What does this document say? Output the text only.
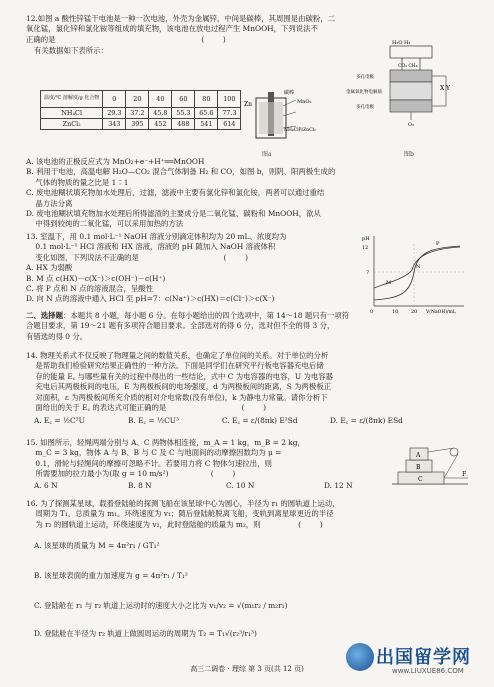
12.如图 a 酸性锌锰干电池是一种一次电池，外壳为金属锌，中间是碳棒，其周围是由碳粉，二
氧化锰，氯化锌和氯化铵等组成的填充物，该电池在放电过程产生 MnOOH，下列说法不
正确的是                                                              (        )
有关数据如下表所示：
温度/℃ 溶解度/g 化合物	0	20	40	60	80	100
NH₄Cl	29.3	37.2	45.8	55.3	65.6	77.3
ZnCl₂	343	395	452	488	541	614
Zn
碳棒
MnO₂
NH₄Cl和ZnCl₂
图a
X Y
H₂O H₂
CO₂ CH₄
多孔电极
金属氧化物电解质
多孔电极
O₂
图b
A. 该电池的正极反应式为 MnO₂+e⁻+H⁺══MnOOH
B. 利用干电池，高温电解 H₂O—CO₂ 混合气体制备 H₂ 和 CO，如图 b，则阴、阳两极生成的
气体的物质的量之比是 1∶1
C. 废电池糊状填充物加水处理后，过滤，滤液中主要有氯化锌和氯化铵，两者可以通过重结
晶方法分离
D. 废电池糊状填充物加水处理后所得滤渣的主要成分是二氧化锰、碳粉和 MnOOH，欲从
中得到较纯的二氧化锰，可以采用加热的方法
13. 室温下，用 0.1 mol·L⁻¹ NaOH 溶液分别滴定体积均为 20 mL、浓度均为
0.1 mol·L⁻¹ HCl 溶液和 HX 溶液，溶液的 pH 随加入 NaOH 溶液体积
变化如图，下列说法不正确的是                                    (        )
A. HX 为弱酸
B. M 点 c(HX)－c(X⁻)＞c(OH⁻)－c(H⁺)
C. 将 P 点和 N 点的溶液混合，呈酸性
D. 向 N 点的溶液中通入 HCl 至 pH=7：c(Na⁺)＞c(HX)＝c(Cl⁻)＞c(X⁻)
pH
12
7
M
N
P
0	10	20 V(NaOH)/mL
二、选择题：本题共 8 小题，每小题 6 分。在每小题给出的四个选项中，第 14～18 题只有一项符
合题目要求，第 19～21 题有多项符合题目要求。全部选对的得 6 分，选对但不全的得 3 分，
有错选的得 0 分。
14. 物理关系式不仅反映了物理量之间的数值关系，也确定了单位间的关系。对于单位的分析
是帮助我们检验研究结果正确性的一种方法。下面是同学们在研究平行板电容器充电后储
存的能量 E꜀ 与哪些量有关的过程中得出的一些结论，式中 C 为电容器的电容，U 为电容器
充电后其两极板间的电压，E 为两极板间的电场强度，d 为两极板间的距离，S 为两极板正
对面积，ε 为两极板间所充介质的相对介电常数(没有单位)，k 为静电力常量。请你分析下
面给出的关于 E꜀ 的表达式可能正确的是                                (        )
A. E꜀ = ½C²U	B. E꜀ = ½CU³	C. E꜀ = ε/(8πk) E²Sd	D. E꜀ = ε/(8πk) ESd
15. 如图所示，轻绳两端分别与 A、C 两物体相连接，m_A = 1 kg，m_B = 2 kg，
m_C = 3 kg，物体 A 与 B、B 与 C 及 C 与地面间的动摩擦因数均为 μ =
0.1，滑轮与轻绳间的摩擦可忽略不计。若要用力将 C 物体匀速拉出，则
所需要加的拉力最小为(取 g = 10 m/s²)                  (        )
A. 6 N	B. 8 N	C. 10 N	D. 12 N
A
B
C
F
16. 为了探测某星球，载着登陆舱的探测飞船在该星球中心为圆心，半径为 r₁ 的圆轨道上运动，
周期为 T₁，总质量为 m₁。环绕速度为 v₁；随后登陆舱脱离飞船，变轨到离星球更近的半径
为 r₂ 的圆轨道上运动，环绕速度为 v₂，此时登陆舱的质量为 m₂，则                (        )
A. 该星球的质量为 M = 4π²r₁ / GT₁²
B. 该星球表面的重力加速度为 g = 4π²r₁ / T₁²
C. 登陆舱在 r₁ 与 r₂ 轨道上运动时的速度大小之比为 v₁/v₂ = √(m₁r₂ / m₂r₁)
D. 登陆舱在半径为 r₂ 轨道上做圆周运动的周期为 T₂ = T₁√(r₂³/r₁³)
高三二调卷 · 理综 第 3 页(共 12 页)
出国留学网
www.LIUXUE86.COM
